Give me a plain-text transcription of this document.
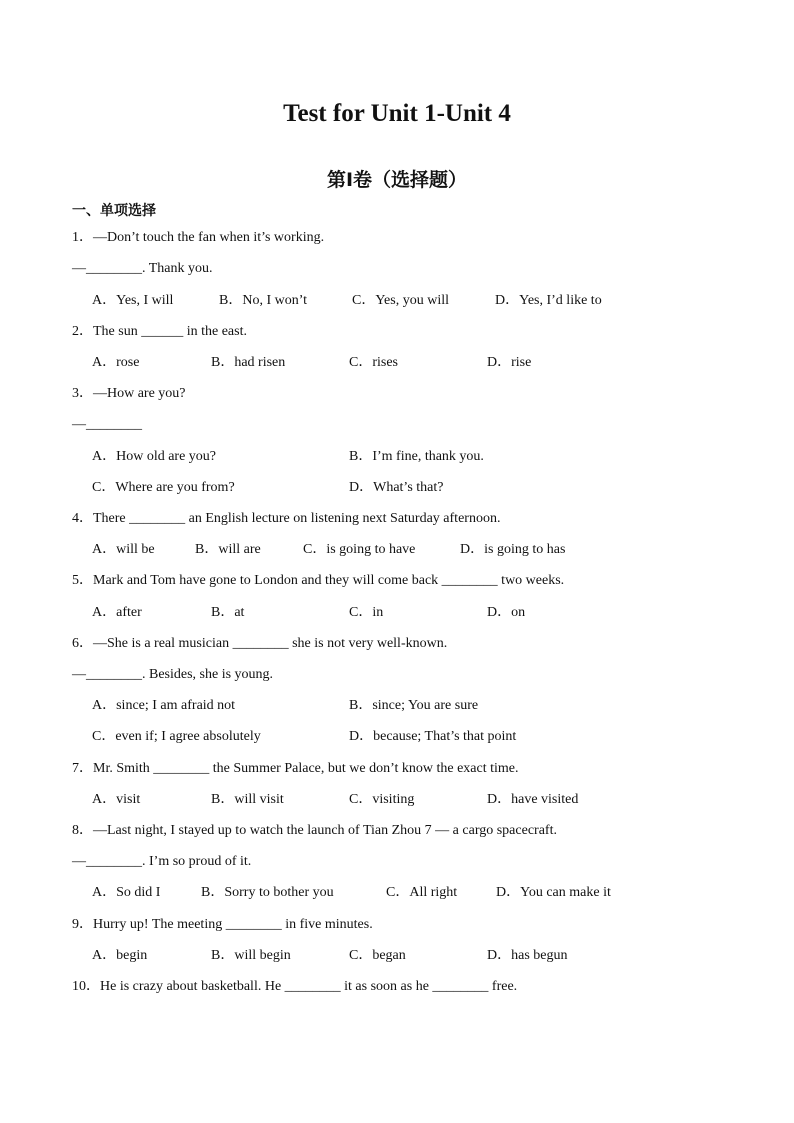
Test for Unit 1-Unit 4
第Ⅰ卷（选择题）
一、单项选择
1．—Don’t touch the fan when it’s working.
—________. Thank you.
A．Yes, I will	B．No, I won’t	C．Yes, you will	D．Yes, I’d like to
2．The sun ______ in the east.
A．rose	B．had risen	C．rises	D．rise
3．—How are you?
—________
A．How old are you?	B．I’m fine, thank you.
C．Where are you from?	D．What’s that?
4．There ________ an English lecture on listening next Saturday afternoon.
A．will be	B．will are	C．is going to have	D．is going to has
5．Mark and Tom have gone to London and they will come back ________ two weeks.
A．after	B．at	C．in	D．on
6．—She is a real musician ________ she is not very well-known.
—________. Besides, she is young.
A．since; I am afraid not	B．since; You are sure
C．even if; I agree absolutely	D．because; That’s that point
7．Mr. Smith ________ the Summer Palace, but we don’t know the exact time.
A．visit	B．will visit	C．visiting	D．have visited
8．—Last night, I stayed up to watch the launch of Tian Zhou 7 — a cargo spacecraft.
—________. I’m so proud of it.
A．So did I	B．Sorry to bother you	C．All right	D．You can make it
9．Hurry up! The meeting ________ in five minutes.
A．begin	B．will begin	C．began	D．has begun
10．He is crazy about basketball. He ________ it as soon as he ________ free.
